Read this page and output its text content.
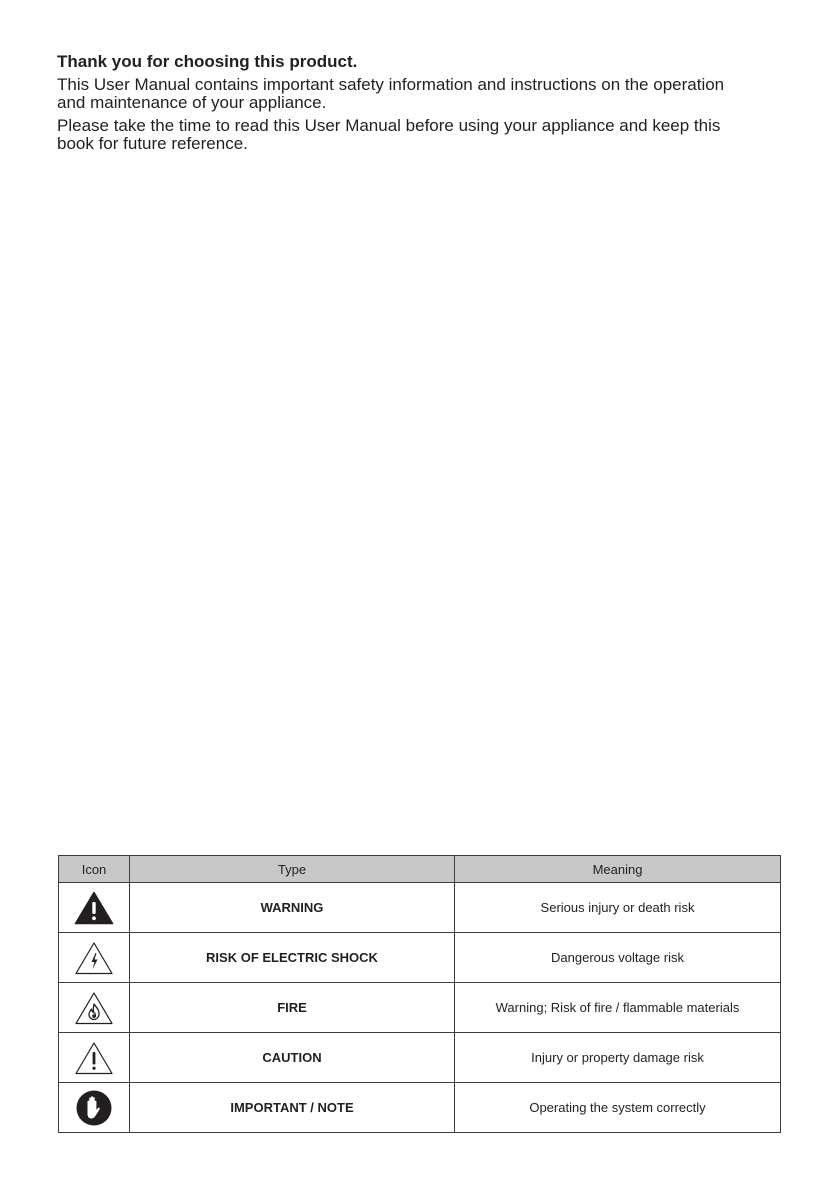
Thank you for choosing this product.

This User Manual contains important safety information and instructions on the operation
and maintenance of your appliance.

Please take the time to read this User Manual before using your appliance and keep this
book for future reference.

Icon	Type	Meaning

	WARNING	Serious injury or death risk

	RISK OF ELECTRIC SHOCK	Dangerous voltage risk

	FIRE	Warning; Risk of fire / flammable materials

	CAUTION	Injury or property damage risk

	IMPORTANT / NOTE	Operating the system correctly
